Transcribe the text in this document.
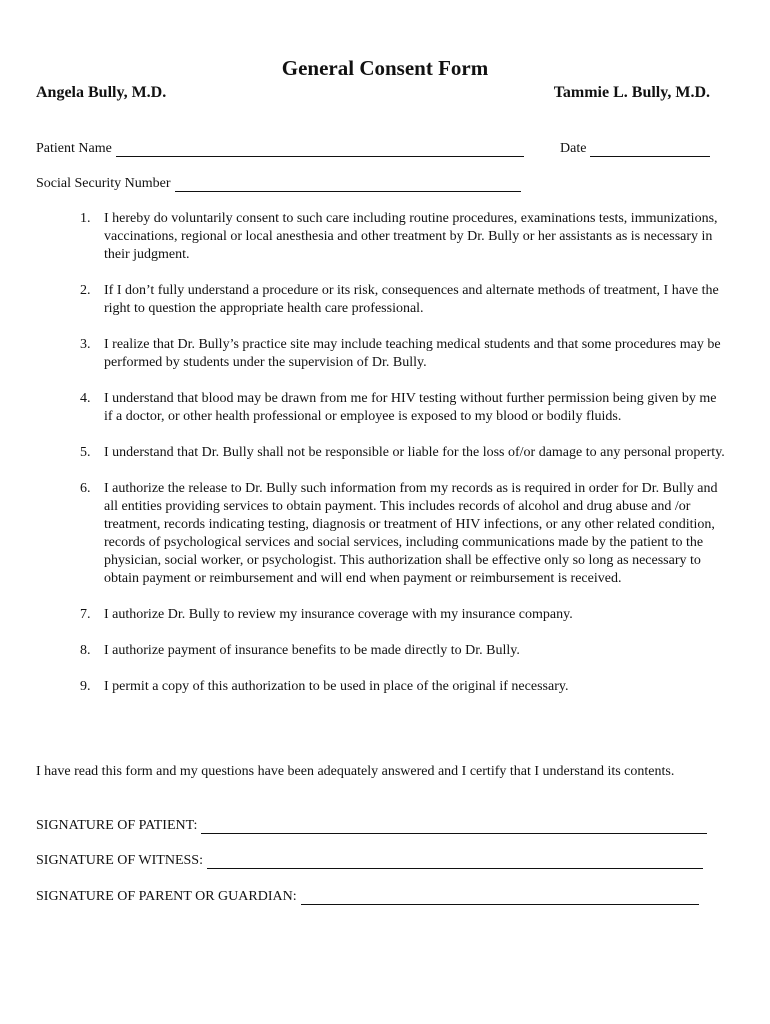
General Consent Form
Angela Bully, M.D.	Tammie L. Bully, M.D.
Patient Name	Date
Social Security Number
1. I hereby do voluntarily consent to such care including routine procedures, examinations tests, immunizations, vaccinations, regional or local anesthesia and other treatment by Dr. Bully or her assistants as is necessary in their judgment.
2. If I don’t fully understand a procedure or its risk, consequences and alternate methods of treatment, I have the right to question the appropriate health care professional.
3. I realize that Dr. Bully’s practice site may include teaching medical students and that some procedures may be performed by students under the supervision of Dr. Bully.
4. I understand that blood may be drawn from me for HIV testing without further permission being given by me if a doctor, or other health professional or employee is exposed to my blood or bodily fluids.
5. I understand that Dr. Bully shall not be responsible or liable for the loss of/or damage to any personal property.
6. I authorize the release to Dr. Bully such information from my records as is required in order for Dr. Bully and all entities providing services to obtain payment. This includes records of alcohol and drug abuse and /or treatment, records indicating testing, diagnosis or treatment of HIV infections, or any other related condition, records of psychological services and social services, including communications made by the patient to the physician, social worker, or psychologist. This authorization shall be effective only so long as necessary to obtain payment or reimbursement and will end when payment or reimbursement is received.
7. I authorize Dr. Bully to review my insurance coverage with my insurance company.
8. I authorize payment of insurance benefits to be made directly to Dr. Bully.
9. I permit a copy of this authorization to be used in place of the original if necessary.
I have read this form and my questions have been adequately answered and I certify that I understand its contents.
SIGNATURE OF PATIENT:
SIGNATURE OF WITNESS:
SIGNATURE OF PARENT OR GUARDIAN:
